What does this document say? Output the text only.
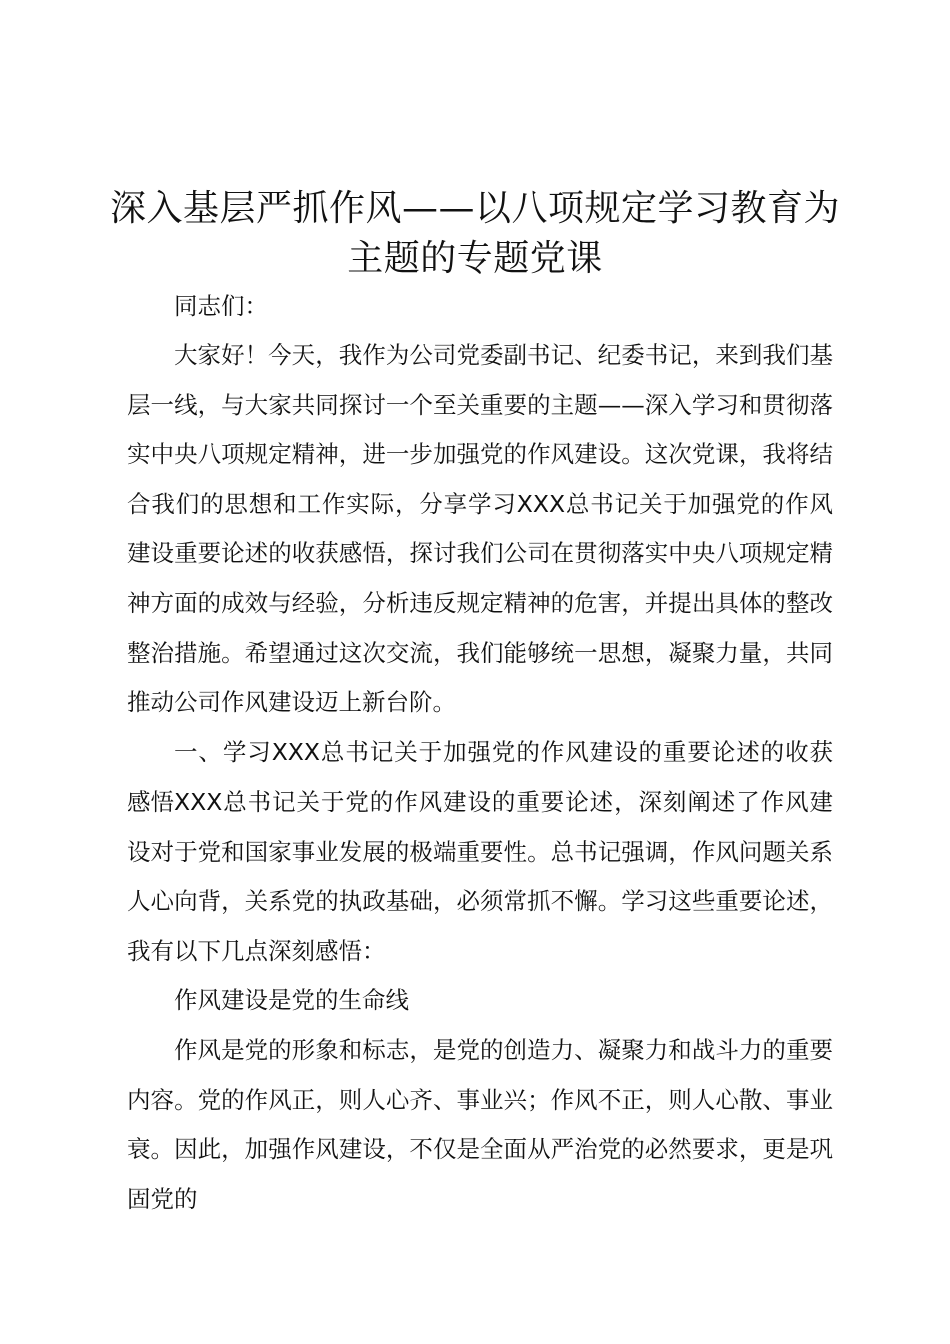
深入基层严抓作风——以八项规定学习教育为
主题的专题党课

同志们：

大家好！今天，我作为公司党委副书记、纪委书记，来到我们基层一线，与大家共同探讨一个至关重要的主题——深入学习和贯彻落实中央八项规定精神，进一步加强党的作风建设。这次党课，我将结合我们的思想和工作实际，分享学习XXX总书记关于加强党的作风建设重要论述的收获感悟，探讨我们公司在贯彻落实中央八项规定精神方面的成效与经验，分析违反规定精神的危害，并提出具体的整改整治措施。希望通过这次交流，我们能够统一思想，凝聚力量，共同推动公司作风建设迈上新台阶。

一、学习XXX总书记关于加强党的作风建设的重要论述的收获感悟 XXX总书记关于党的作风建设的重要论述，深刻阐述了作风建设对于党和国家事业发展的极端重要性。总书记强调，作风问题关系人心向背，关系党的执政基础，必须常抓不懈。学习这些重要论述，我有以下几点深刻感悟：

作风建设是党的生命线

作风是党的形象和标志，是党的创造力、凝聚力和战斗力的重要内容。党的作风正，则人心齐、事业兴；作风不正，则人心散、事业衰。因此，加强作风建设，不仅是全面从严治党的必然要求，更是巩固党的
